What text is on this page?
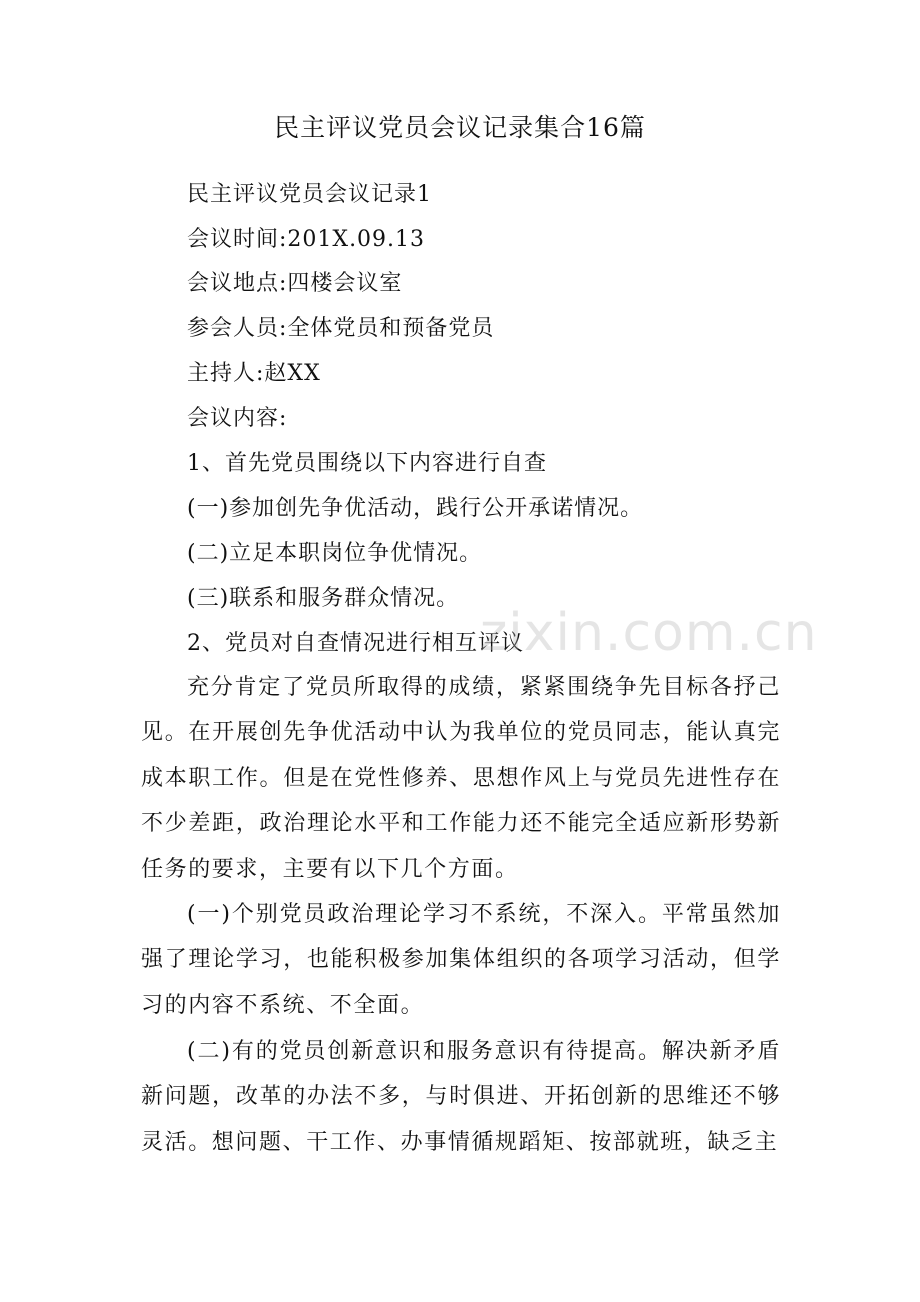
民主评议党员会议记录集合16篇
民主评议党员会议记录1
会议时间:201X.09.13
会议地点:四楼会议室
参会人员:全体党员和预备党员
主持人:赵XX
会议内容:
1、首先党员围绕以下内容进行自查
(一)参加创先争优活动，践行公开承诺情况。
(二)立足本职岗位争优情况。
(三)联系和服务群众情况。
2、党员对自查情况进行相互评议

充分肯定了党员所取得的成绩，紧紧围绕争先目标各抒己见。在开展创先争优活动中认为我单位的党员同志，能认真完成本职工作。但是在党性修养、思想作风上与党员先进性存在不少差距，政治理论水平和工作能力还不能完全适应新形势新任务的要求，主要有以下几个方面。

(一)个别党员政治理论学习不系统，不深入。平常虽然加强了理论学习，也能积极参加集体组织的各项学习活动，但学习的内容不系统、不全面。

(二)有的党员创新意识和服务意识有待提高。解决新矛盾新问题，改革的办法不多，与时俱进、开拓创新的思维还不够灵活。想问题、干工作、办事情循规蹈矩、按部就班，缺乏主

zixin.com.cn
